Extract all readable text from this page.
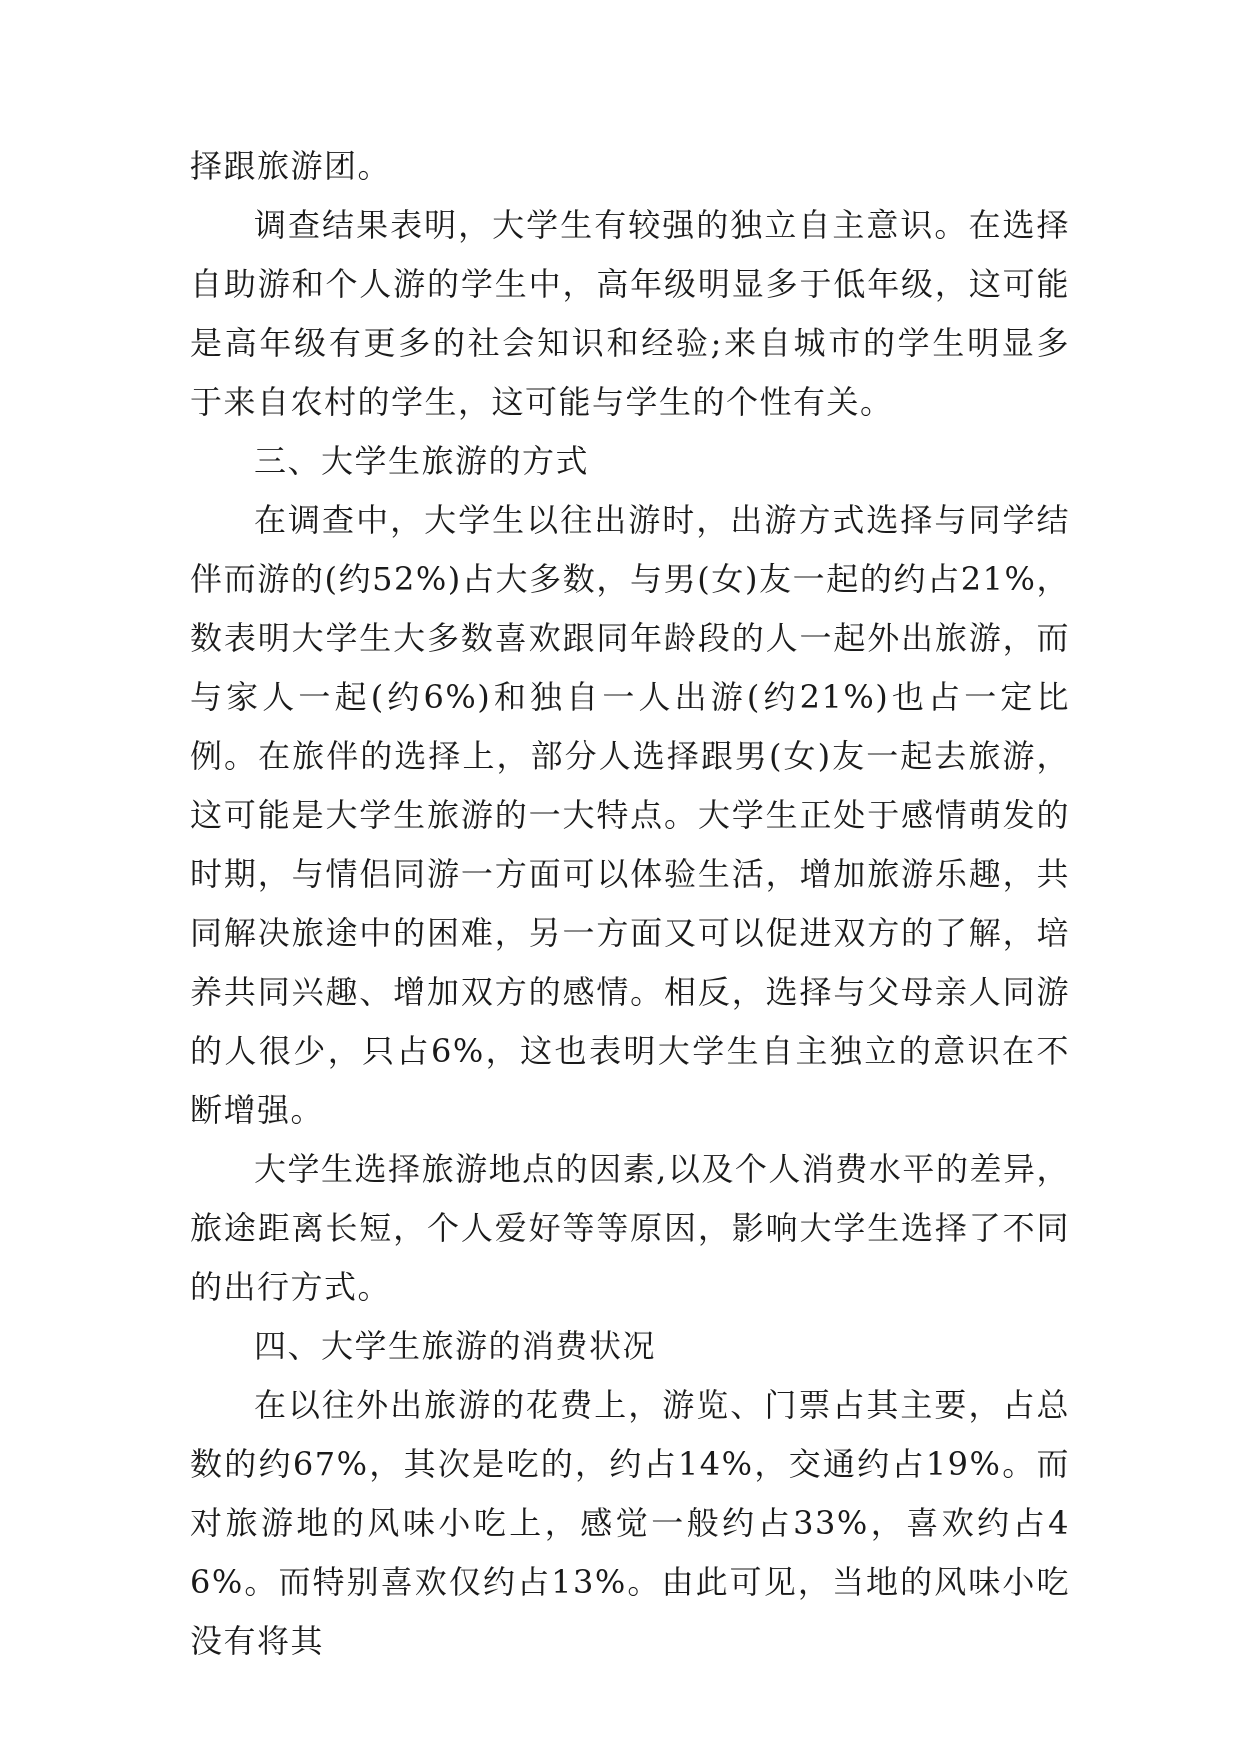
择跟旅游团。

调查结果表明，大学生有较强的独立自主意识。在选择自助游和个人游的学生中，高年级明显多于低年级，这可能是高年级有更多的社会知识和经验;来自城市的学生明显多于来自农村的学生，这可能与学生的个性有关。

三、大学生旅游的方式

在调查中，大学生以往出游时，出游方式选择与同学结伴而游的(约52%)占大多数，与男(女)友一起的约占21%，数表明大学生大多数喜欢跟同年龄段的人一起外出旅游，而与家人一起(约6%)和独自一人出游(约21%)也占一定比例。在旅伴的选择上，部分人选择跟男(女)友一起去旅游，这可能是大学生旅游的一大特点。大学生正处于感情萌发的时期，与情侣同游一方面可以体验生活，增加旅游乐趣，共同解决旅途中的困难，另一方面又可以促进双方的了解，培养共同兴趣、增加双方的感情。相反，选择与父母亲人同游的人很少，只占6%，这也表明大学生自主独立的意识在不断增强。

大学生选择旅游地点的因素,以及个人消费水平的差异，旅途距离长短，个人爱好等等原因，影响大学生选择了不同的出行方式。

四、大学生旅游的消费状况

在以往外出旅游的花费上，游览、门票占其主要，占总数的约67%，其次是吃的，约占14%，交通约占19%。而对旅游地的风味小吃上，感觉一般约占33%，喜欢约占46%。而特别喜欢仅约占13%。由此可见，当地的风味小吃没有将其
